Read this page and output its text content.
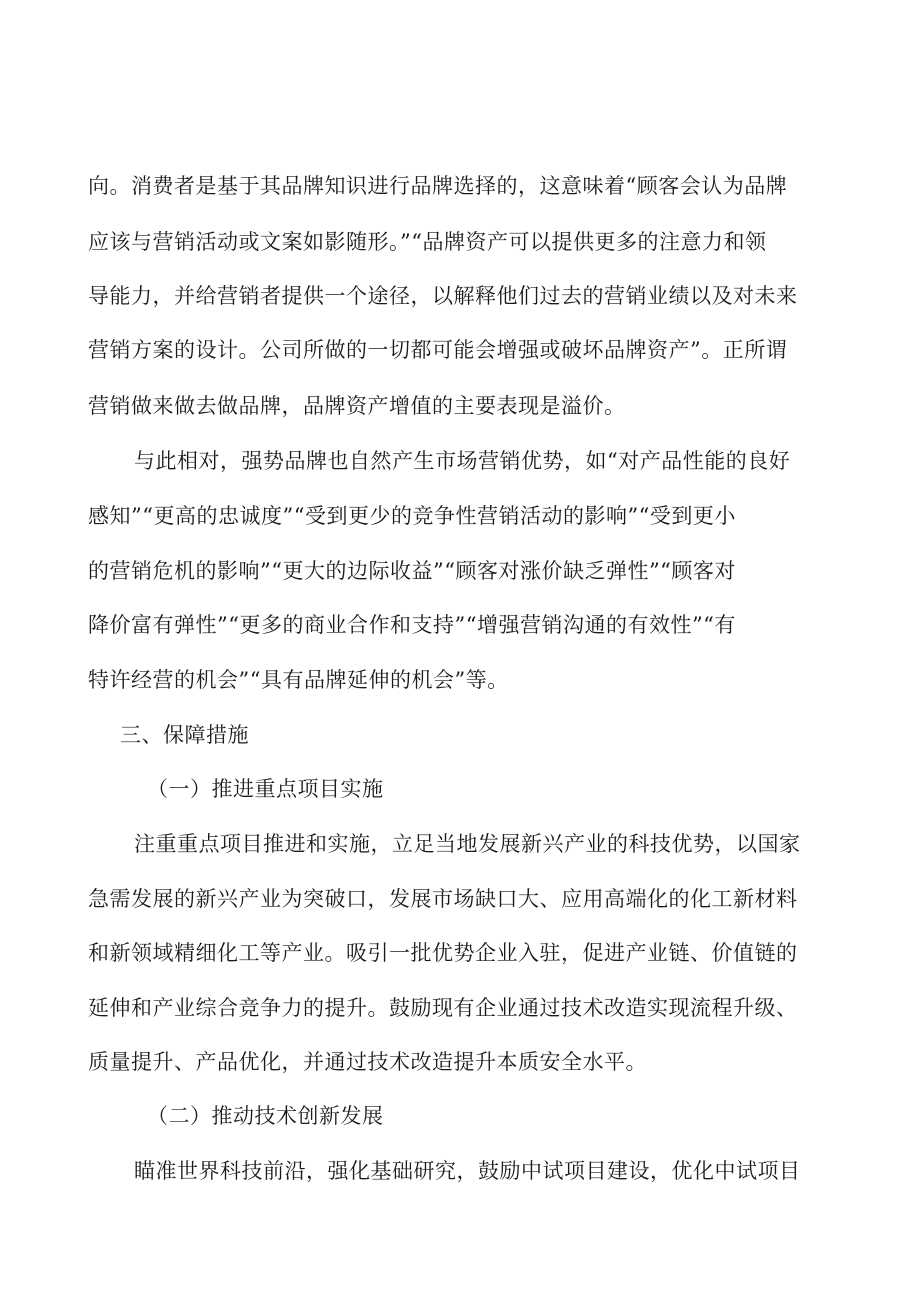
向。消费者是基于其品牌知识进行品牌选择的，这意味着“顾客会认为品牌
应该与营销活动或文案如影随形。”“品牌资产可以提供更多的注意力和领
导能力，并给营销者提供一个途径，以解释他们过去的营销业绩以及对未来
营销方案的设计。公司所做的一切都可能会增强或破坏品牌资产”。正所谓
营销做来做去做品牌，品牌资产增值的主要表现是溢价。
与此相对，强势品牌也自然产生市场营销优势，如“对产品性能的良好
感知”“更高的忠诚度”“受到更少的竞争性营销活动的影响”“受到更小
的营销危机的影响”“更大的边际收益”“顾客对涨价缺乏弹性”“顾客对
降价富有弹性”“更多的商业合作和支持”“增强营销沟通的有效性”“有
特许经营的机会”“具有品牌延伸的机会”等。
三、保障措施
（一）推进重点项目实施
注重重点项目推进和实施，立足当地发展新兴产业的科技优势，以国家
急需发展的新兴产业为突破口，发展市场缺口大、应用高端化的化工新材料
和新领域精细化工等产业。吸引一批优势企业入驻，促进产业链、价值链的
延伸和产业综合竞争力的提升。鼓励现有企业通过技术改造实现流程升级、
质量提升、产品优化，并通过技术改造提升本质安全水平。
（二）推动技术创新发展
瞄准世界科技前沿，强化基础研究，鼓励中试项目建设，优化中试项目
